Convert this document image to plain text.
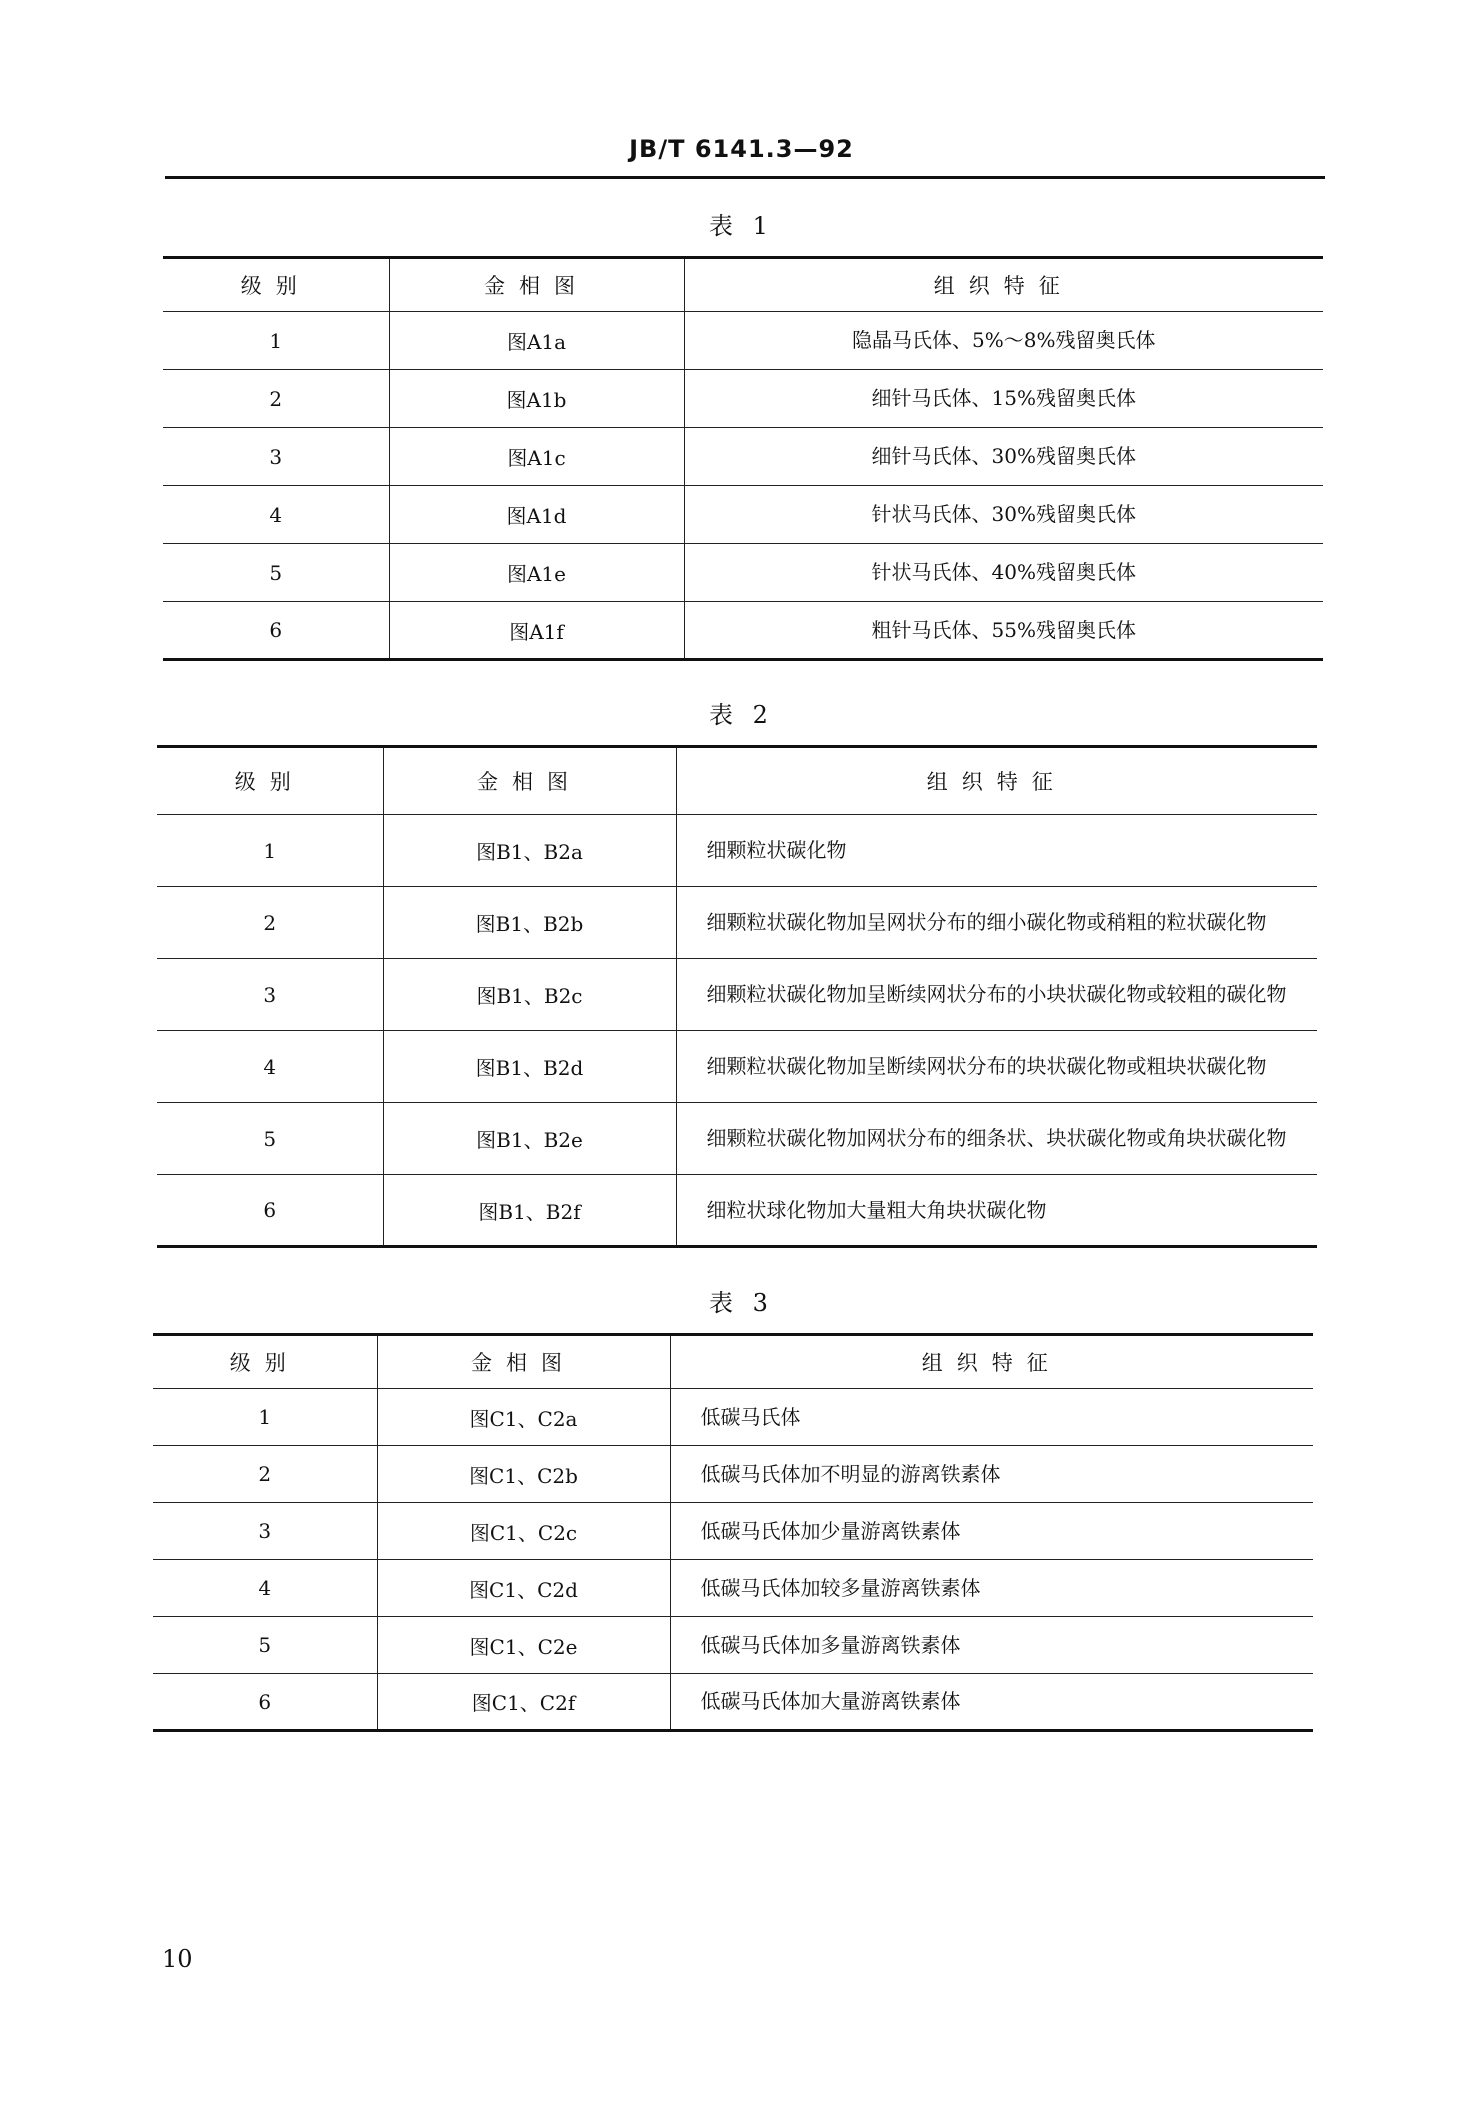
JB/T 6141.3—92
表 1
级别	金相图	组织特征
1	图A1a	隐晶马氏体、5%～8%残留奥氏体
2	图A1b	细针马氏体、15%残留奥氏体
3	图A1c	细针马氏体、30%残留奥氏体
4	图A1d	针状马氏体、30%残留奥氏体
5	图A1e	针状马氏体、40%残留奥氏体
6	图A1f	粗针马氏体、55%残留奥氏体
表 2
级别	金相图	组织特征
1	图B1、B2a	细颗粒状碳化物
2	图B1、B2b	细颗粒状碳化物加呈网状分布的细小碳化物或稍粗的粒状碳化物
3	图B1、B2c	细颗粒状碳化物加呈断续网状分布的小块状碳化物或较粗的碳化物
4	图B1、B2d	细颗粒状碳化物加呈断续网状分布的块状碳化物或粗块状碳化物
5	图B1、B2e	细颗粒状碳化物加网状分布的细条状、块状碳化物或角块状碳化物
6	图B1、B2f	细粒状球化物加大量粗大角块状碳化物
表 3
级别	金相图	组织特征
1	图C1、C2a	低碳马氏体
2	图C1、C2b	低碳马氏体加不明显的游离铁素体
3	图C1、C2c	低碳马氏体加少量游离铁素体
4	图C1、C2d	低碳马氏体加较多量游离铁素体
5	图C1、C2e	低碳马氏体加多量游离铁素体
6	图C1、C2f	低碳马氏体加大量游离铁素体
10
